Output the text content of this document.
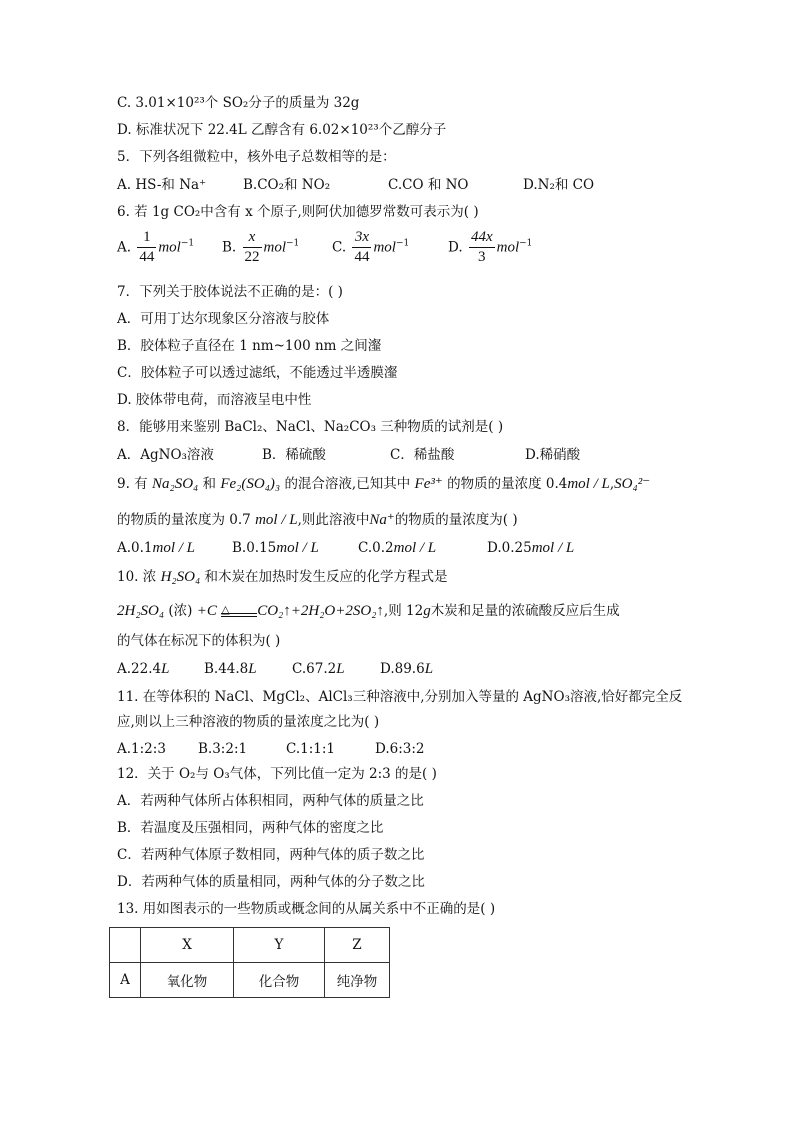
C. 3.01×10²³个 SO₂分子的质量为 32g
D. 标准状况下 22.4L 乙醇含有 6.02×10²³个乙醇分子
5．下列各组微粒中，核外电子总数相等的是：
A. HS-和 Na⁺	B.CO₂和 NO₂	C.CO 和 NO	D.N₂和 CO
6. 若 1g CO₂中含有 x 个原子,则阿伏加德罗常数可表示为( )
A. $\frac{1}{44} mol^{-1}$ B. $\frac{x}{22} mol^{-1}$ C. $\frac{3x}{44} mol^{-1}$	D. $\frac{44x}{3} mol^{-1}$
7．下列关于胶体说法不正确的是：( )
A．可用丁达尔现象区分溶液与胶体
B．胶体粒子直径在 1 nm~100 nm 之间瀣
C．胶体粒子可以透过滤纸，不能透过半透膜瀣
D. 胶体带电荷，而溶液呈电中性
8．能够用来鉴别 BaCl₂、NaCl、Na₂CO₃ 三种物质的试剂是( )
A．AgNO₃溶液	B．稀硫酸	C．稀盐酸	D.稀硝酸
9. 有 Na₂SO₄ 和 Fe₂(SO₄)₃ 的混合溶液,已知其中 Fe³⁺ 的物质的量浓度 0.4mol / L,SO₄²⁻
的物质的量浓度为 0.7 mol / L,则此溶液中Na⁺的物质的量浓度为( )
A.0.1mol / L	B.0.15mol / L	C.0.2mol / L	D.0.25mol / L
10. 浓 H₂SO₄ 和木炭在加热时发生反应的化学方程式是
2H₂SO₄ (浓) +C △ CO₂↑+2H₂O+2SO₂↑,则 12g木炭和足量的浓硫酸反应后生成
的气体在标况下的体积为( )
A.22.4L	B.44.8L	C.67.2L	D.89.6L
11. 在等体积的 NaCl、MgCl₂、AlCl₃三种溶液中,分别加入等量的 AgNO₃溶液,恰好都完全反
应,则以上三种溶液的物质的量浓度之比为( )
A.1:2:3 B.3:2:1	C.1:1:1	D.6:3:2
12．关于 O₂与 O₃气体，下列比值一定为 2:3 的是( )
A．若两种气体所占体积相同，两种气体的质量之比
B．若温度及压强相同，两种气体的密度之比
C．若两种气体原子数相同，两种气体的质子数之比
D．若两种气体的质量相同，两种气体的分子数之比
13. 用如图表示的一些物质或概念间的从属关系中不正确的是( )
	X	Y	Z
A	氧化物	化合物	纯净物
